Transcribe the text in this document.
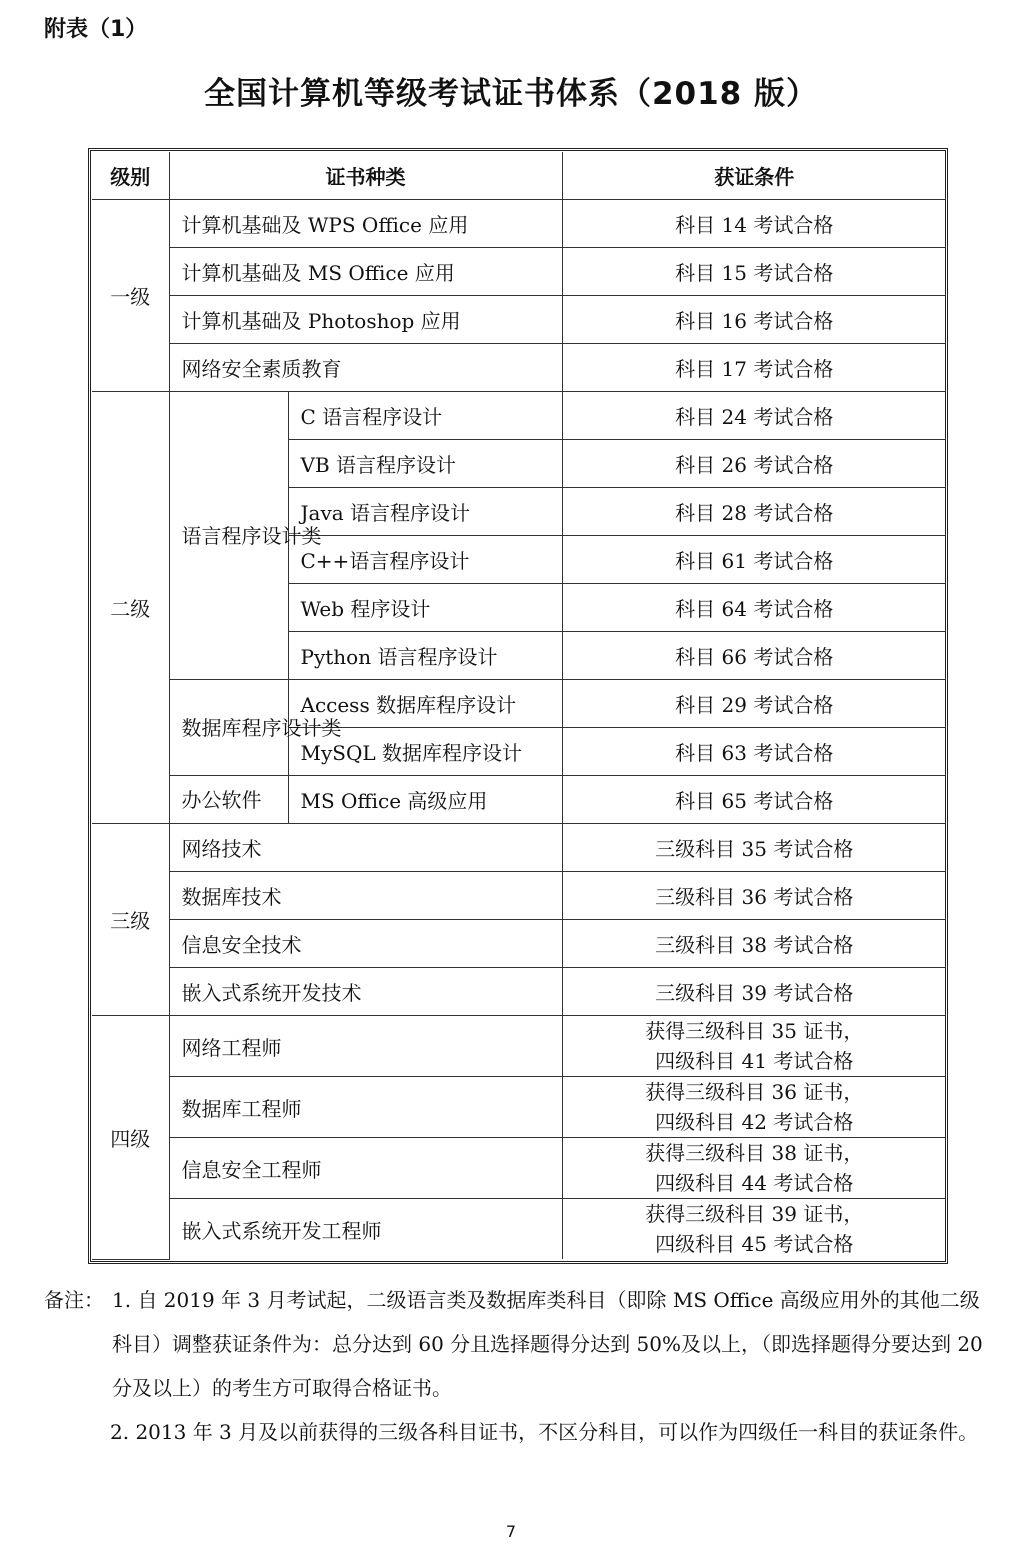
附表（1）
全国计算机等级考试证书体系（2018 版）
级别	证书种类		获证条件
一级	计算机基础及 WPS Office 应用		科目 14 考试合格
	计算机基础及 MS Office 应用		科目 15 考试合格
	计算机基础及 Photoshop 应用		科目 16 考试合格
	网络安全素质教育		科目 17 考试合格
二级	语言程序设计类	C 语言程序设计	科目 24 考试合格
		VB 语言程序设计	科目 26 考试合格
		Java 语言程序设计	科目 28 考试合格
		C++语言程序设计	科目 61 考试合格
		Web 程序设计	科目 64 考试合格
		Python 语言程序设计	科目 66 考试合格
	数据库程序设计类	Access 数据库程序设计	科目 29 考试合格
		MySQL 数据库程序设计	科目 63 考试合格
	办公软件	MS Office 高级应用	科目 65 考试合格
三级	网络技术		三级科目 35 考试合格
	数据库技术		三级科目 36 考试合格
	信息安全技术		三级科目 38 考试合格
	嵌入式系统开发技术		三级科目 39 考试合格
四级	网络工程师		获得三级科目 35 证书，
四级科目 41 考试合格
	数据库工程师		获得三级科目 36 证书，
四级科目 42 考试合格
	信息安全工程师		获得三级科目 38 证书，
四级科目 44 考试合格
	嵌入式系统开发工程师		获得三级科目 39 证书，
四级科目 45 考试合格
备注： 1. 自 2019 年 3 月考试起，二级语言类及数据库类科目（即除 MS Office 高级应用外的其他二级科目）调整获证条件为：总分达到 60 分且选择题得分达到 50%及以上，（即选择题得分要达到 20 分及以上）的考生方可取得合格证书。
2. 2013 年 3 月及以前获得的三级各科目证书，不区分科目，可以作为四级任一科目的获证条件。
7
